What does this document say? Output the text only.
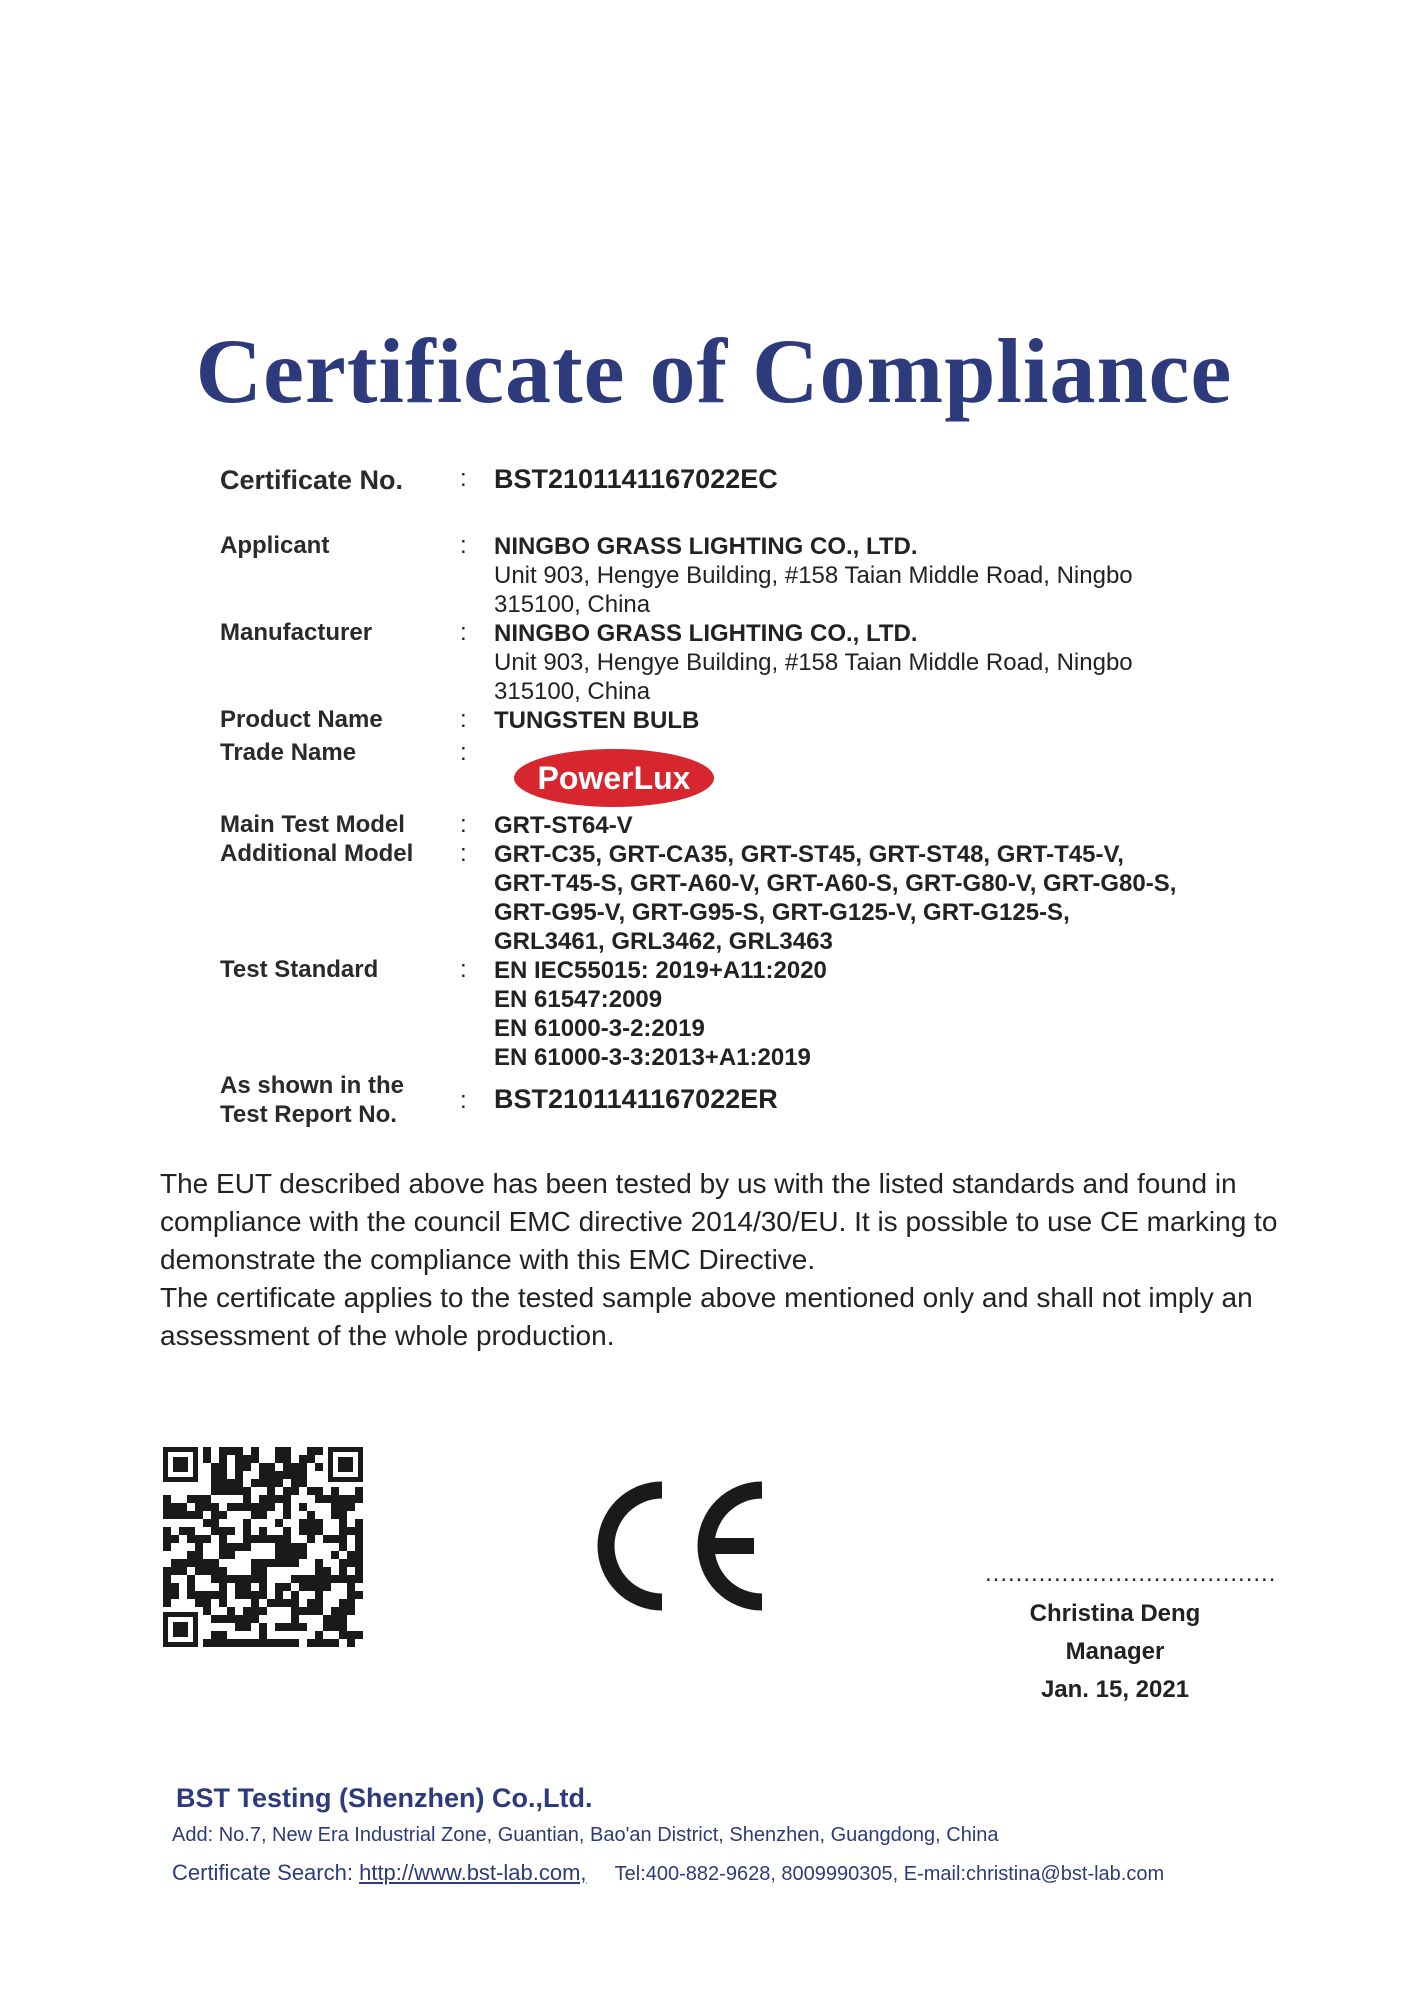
Certificate of Compliance
Certificate No.	:	BST2101141167022EC
Applicant	:	NINGBO GRASS LIGHTING CO., LTD.
Unit 903, Hengye Building, #158 Taian Middle Road, Ningbo
315100, China
Manufacturer	:	NINGBO GRASS LIGHTING CO., LTD.
Unit 903, Hengye Building, #158 Taian Middle Road, Ningbo
315100, China
Product Name	:	TUNGSTEN BULB
Trade Name	:
PowerLux
Main Test Model	:	GRT-ST64-V
Additional Model	:	GRT-C35, GRT-CA35, GRT-ST45, GRT-ST48, GRT-T45-V,
GRT-T45-S, GRT-A60-V, GRT-A60-S, GRT-G80-V, GRT-G80-S,
GRT-G95-V, GRT-G95-S, GRT-G125-V, GRT-G125-S,
GRL3461, GRL3462, GRL3463
Test Standard	:	EN IEC55015: 2019+A11:2020
EN 61547:2009
EN 61000-3-2:2019
EN 61000-3-3:2013+A1:2019
As shown in the
Test Report No.
:	BST2101141167022ER

The EUT described above has been tested by us with the listed standards and found in compliance with the council EMC directive 2014/30/EU. It is possible to use CE marking to demonstrate the compliance with this EMC Directive.

The certificate applies to the tested sample above mentioned only and shall not imply an assessment of the whole production.

......................................
Christina Deng
Manager
Jan. 15, 2021
BST Testing (Shenzhen) Co.,Ltd.
Add: No.7, New Era Industrial Zone, Guantian, Bao'an District, Shenzhen, Guangdong, China
Certificate Search: http://www.bst-lab.com, Tel:400-882-9628, 8009990305, E-mail:christina@bst-lab.com
